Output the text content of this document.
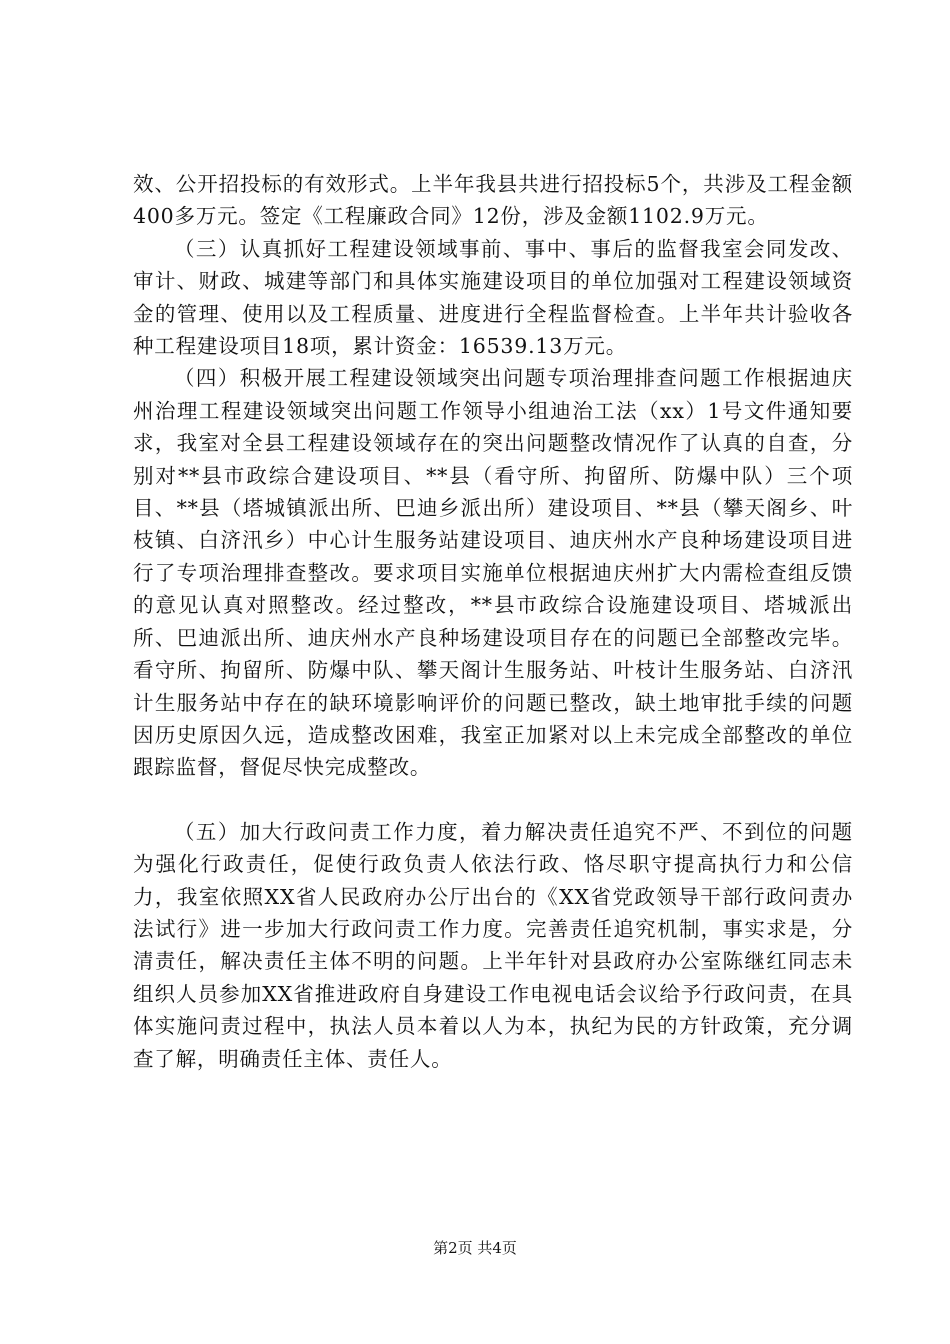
效、公开招投标的有效形式。上半年我县共进行招投标5个，共涉及工程金额400多万元。签定《工程廉政合同》12份，涉及金额1102.9万元。

（三）认真抓好工程建设领域事前、事中、事后的监督我室会同发改、审计、财政、城建等部门和具体实施建设项目的单位加强对工程建设领域资金的管理、使用以及工程质量、进度进行全程监督检查。上半年共计验收各种工程建设项目18项，累计资金：16539.13万元。

（四）积极开展工程建设领域突出问题专项治理排查问题工作根据迪庆州治理工程建设领域突出问题工作领导小组迪治工法（xx）1号文件通知要求，我室对全县工程建设领域存在的突出问题整改情况作了认真的自查，分别对**县市政综合建设项目、**县（看守所、拘留所、防爆中队）三个项目、**县（塔城镇派出所、巴迪乡派出所）建设项目、**县（攀天阁乡、叶枝镇、白济汛乡）中心计生服务站建设项目、迪庆州水产良种场建设项目进行了专项治理排查整改。要求项目实施单位根据迪庆州扩大内需检查组反馈的意见认真对照整改。经过整改，**县市政综合设施建设项目、塔城派出所、巴迪派出所、迪庆州水产良种场建设项目存在的问题已全部整改完毕。看守所、拘留所、防爆中队、攀天阁计生服务站、叶枝计生服务站、白济汛计生服务站中存在的缺环境影响评价的问题已整改，缺土地审批手续的问题因历史原因久远，造成整改困难，我室正加紧对以上未完成全部整改的单位跟踪监督，督促尽快完成整改。

（五）加大行政问责工作力度，着力解决责任追究不严、不到位的问题为强化行政责任，促使行政负责人依法行政、恪尽职守提高执行力和公信力，我室依照XX省人民政府办公厅出台的《XX省党政领导干部行政问责办法试行》进一步加大行政问责工作力度。完善责任追究机制，事实求是，分清责任，解决责任主体不明的问题。上半年针对县政府办公室陈继红同志未组织人员参加XX省推进政府自身建设工作电视电话会议给予行政问责，在具体实施问责过程中，执法人员本着以人为本，执纪为民的方针政策，充分调查了解，明确责任主体、责任人。

第2页 共4页
